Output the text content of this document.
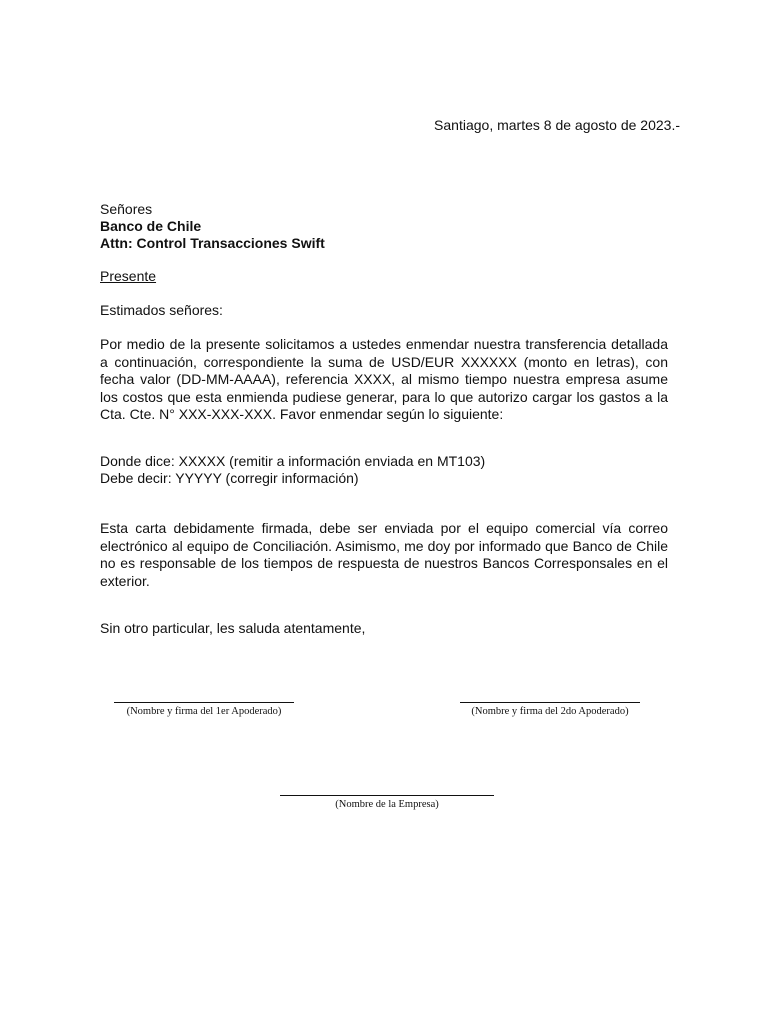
Santiago, martes 8 de agosto de 2023.-
Señores
Banco de Chile
Attn: Control Transacciones Swift
Presente
Estimados señores:
Por medio de la presente solicitamos a ustedes enmendar nuestra transferencia detallada a continuación, correspondiente la suma de USD/EUR XXXXXX (monto en letras), con fecha valor (DD-MM-AAAA), referencia XXXX, al mismo tiempo nuestra empresa asume los costos que esta enmienda pudiese generar, para lo que autorizo cargar los gastos a la Cta. Cte. N° XXX-XXX-XXX. Favor enmendar según lo siguiente:
Donde dice: XXXXX (remitir a información enviada en MT103)
Debe decir: YYYYY (corregir información)
Esta carta debidamente firmada, debe ser enviada por el equipo comercial vía correo electrónico al equipo de Conciliación. Asimismo, me doy por informado que Banco de Chile no es responsable de los tiempos de respuesta de nuestros Bancos Corresponsales en el exterior.
Sin otro particular, les saluda atentamente,
(Nombre y firma del 1er Apoderado)	(Nombre y firma del 2do Apoderado)
(Nombre de la Empresa)
